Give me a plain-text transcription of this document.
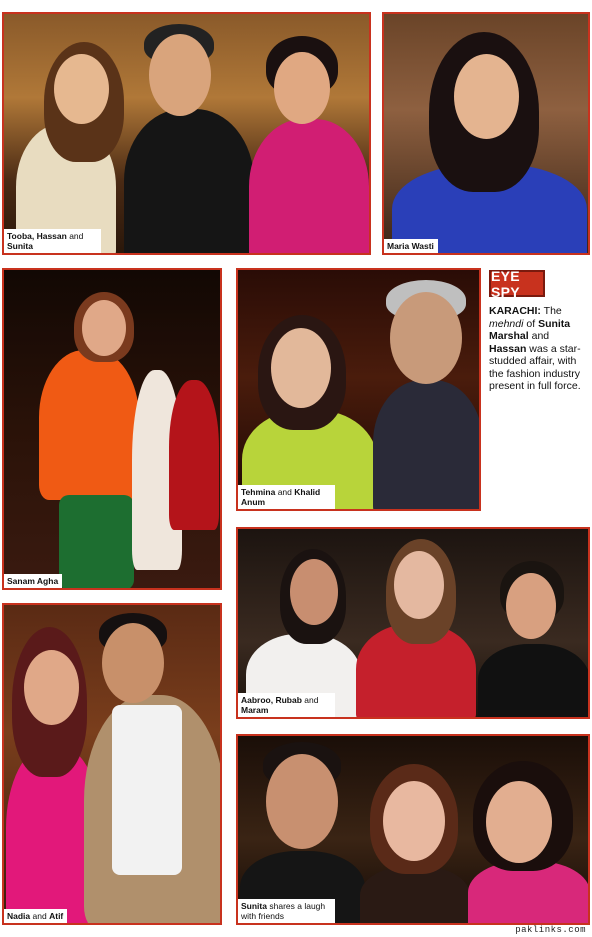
Tooba, Hassan and Sunita	Maria Wasti
Sanam Agha
Tehmina and Khalid Anum
EYE SPY
KARACHI: The mehndi of Sunita Marshal and Hassan was a star-studded affair, with the fashion industry present in full force.
Aabroo, Rubab and Maram
Nadia and Atif
Sunita shares a laugh with friends
paklinks.com
